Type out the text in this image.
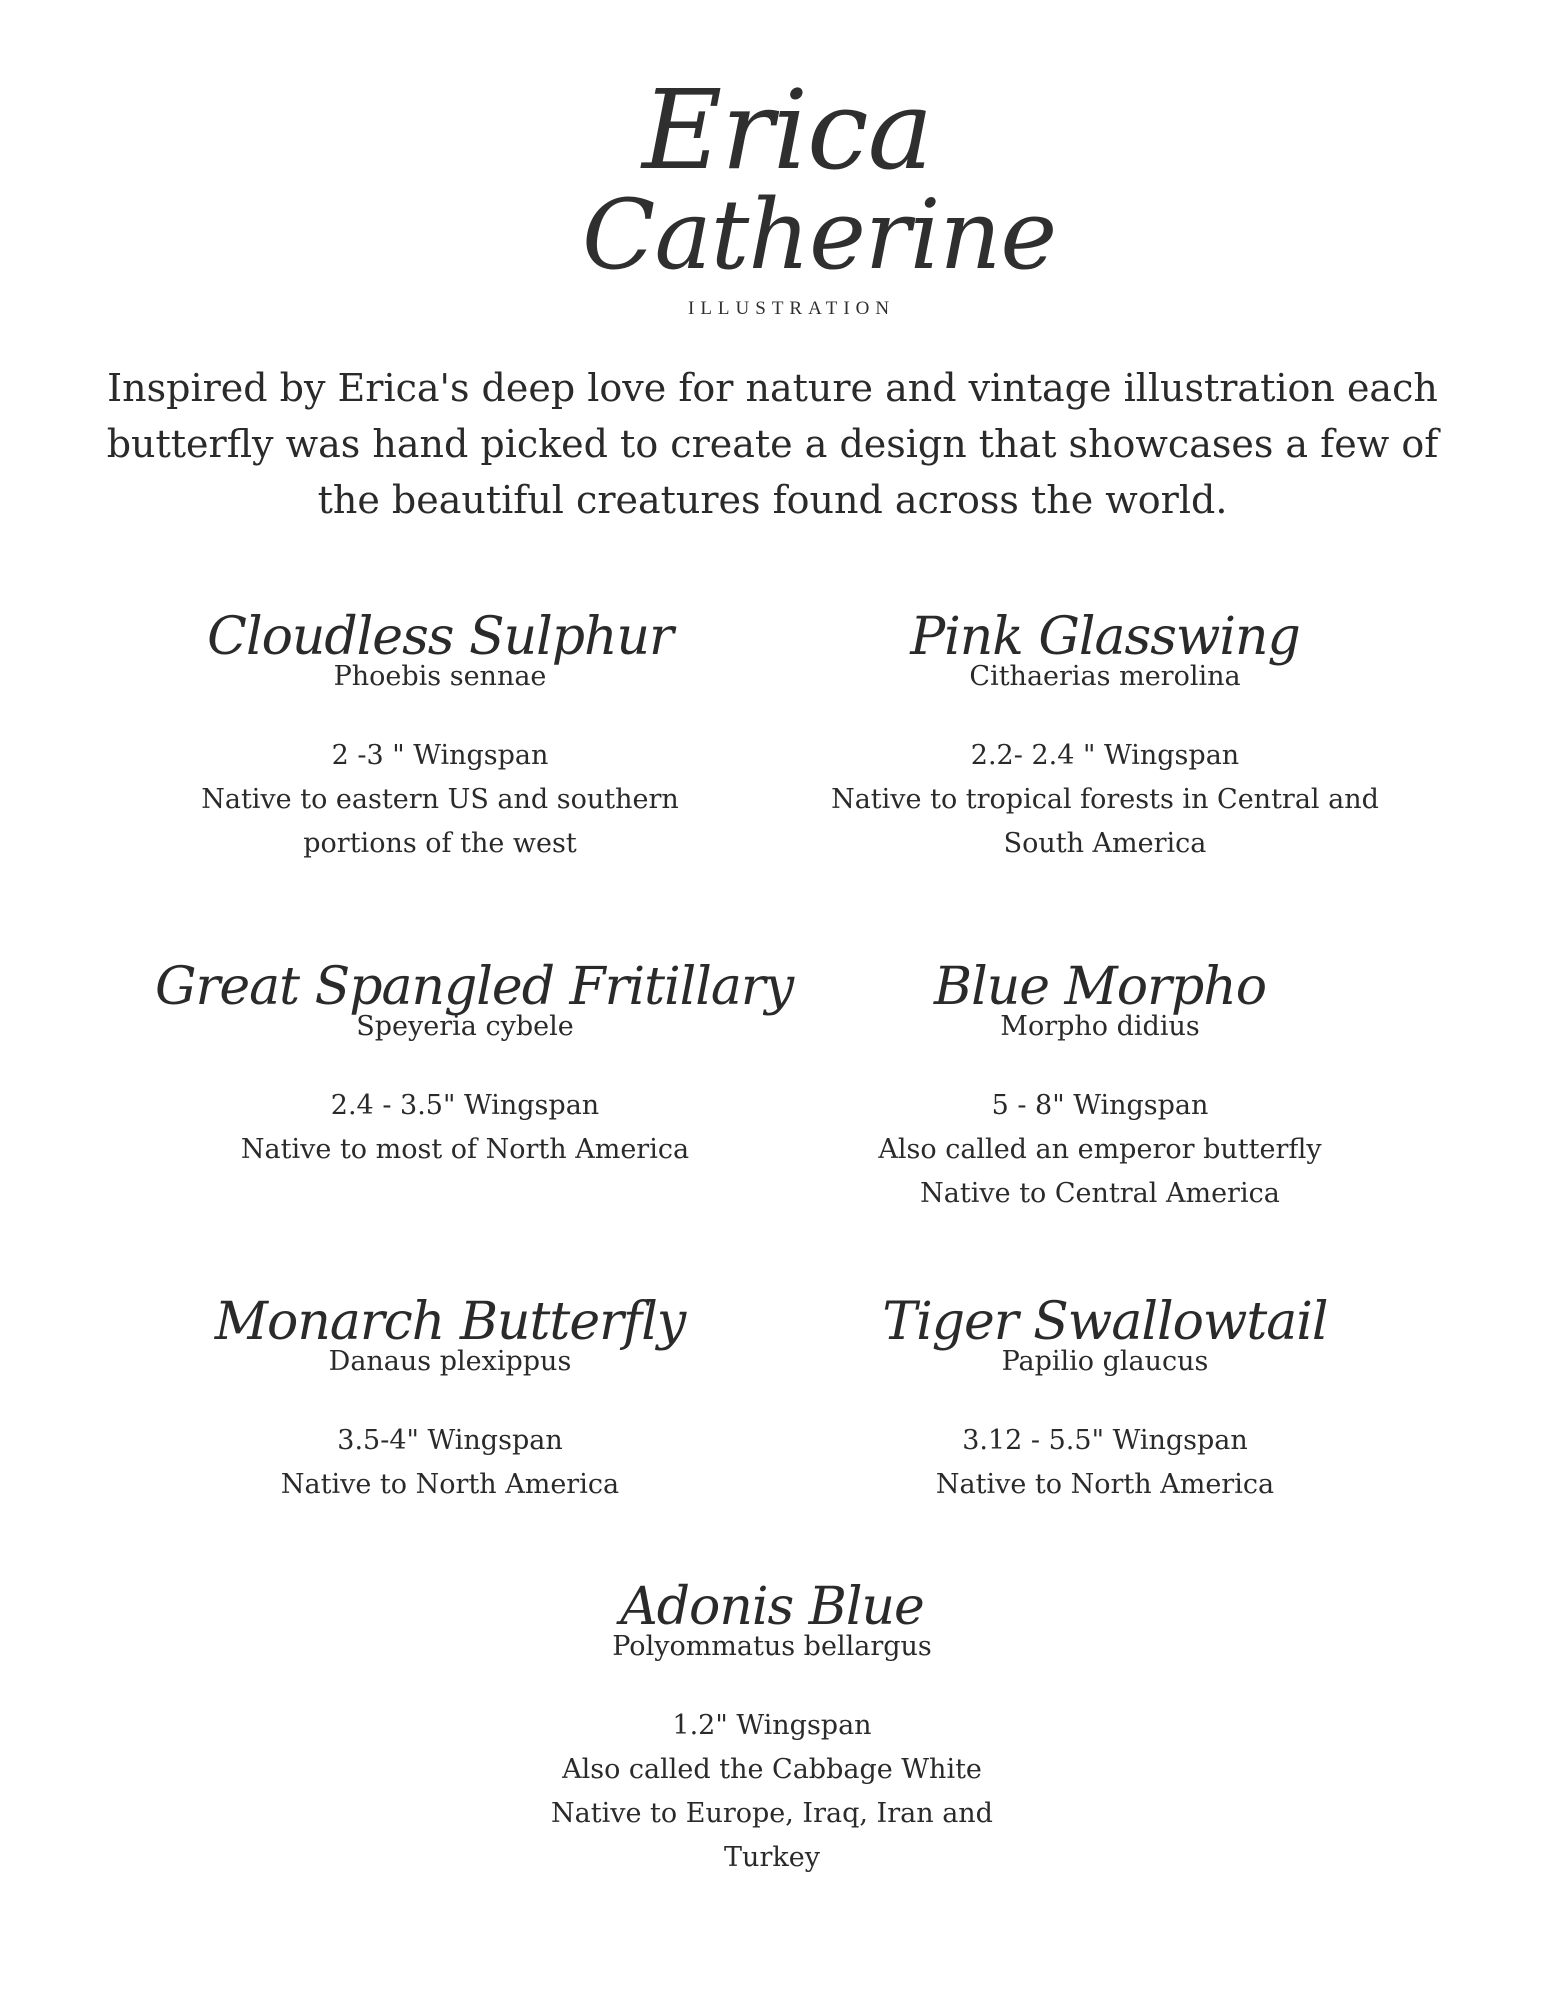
Erica
Catherine
ILLUSTRATION

Inspired by Erica's deep love for nature and vintage illustration each butterfly was hand picked to create a design that showcases a few of the beautiful creatures found across the world.

Cloudless Sulphur
Phoebis sennae
2 -3 " Wingspan
Native to eastern US and southern portions of the west
Pink Glasswing
Cithaerias merolina
2.2- 2.4 " Wingspan
Native to tropical forests in Central and South America
Great Spangled Fritillary
Speyeria cybele
2.4 - 3.5" Wingspan
Native to most of North America
Blue Morpho
Morpho didius
5 - 8" Wingspan
Also called an emperor butterfly
Native to Central America
Monarch Butterfly
Danaus plexippus
3.5-4" Wingspan
Native to North America
Tiger Swallowtail
Papilio glaucus
3.12 - 5.5" Wingspan
Native to North America
Adonis Blue
Polyommatus bellargus
1.2" Wingspan
Also called the Cabbage White
Native to Europe, Iraq, Iran and Turkey
